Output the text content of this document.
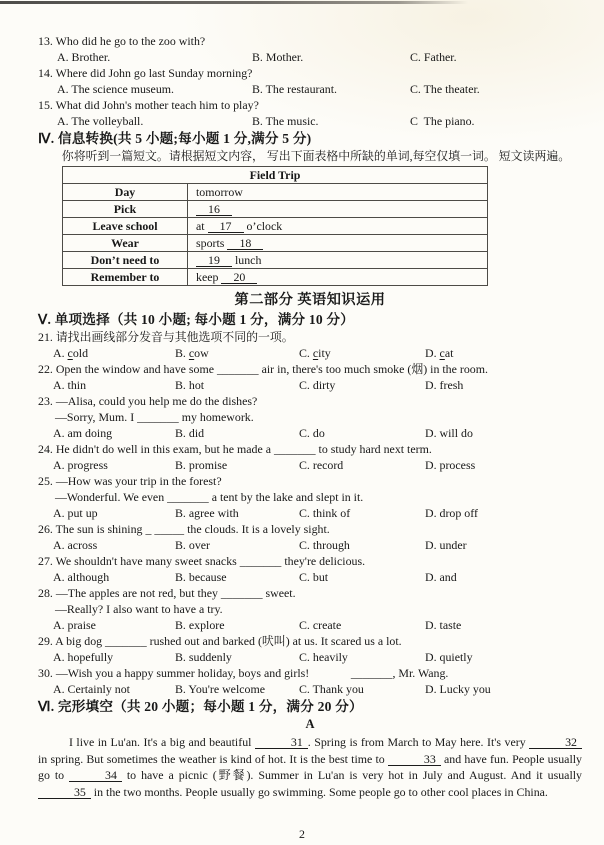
13. Who did he go to the zoo with?
A. Brother.	B. Mother.	C. Father.
14. Where did John go last Sunday morning?
A. The science museum.	B. The restaurant.	C. The theater.
15. What did John's mother teach him to play?
A. The volleyball.	B. The music.	C  The piano.
Ⅳ. 信息转换(共 5 小题;每小题 1 分,满分 5 分)
你将听到一篇短文。请根据短文内容， 写出下面表格中所缺的单词,每空仅填一词。 短文读两遍。
Field Trip	
Day	tomorrow
Pick	16
Leave school	at 17 o’clock
Wear	sports 18
Don’t need to	19 lunch
Remember to	keep 20
第二部分 英语知识运用
Ⅴ. 单项选择（共 10 小题; 每小题 1 分，满分 10 分）
21. 请找出画线部分发音与其他选项不同的一项。
A. cold	B. cow	C. city	D. cat
22. Open the window and have some _______ air in, there's too much smoke (烟) in the room.
A. thin	B. hot	C. dirty	D. fresh
23. —Alisa, could you help me do the dishes?
—Sorry, Mum. I _______ my homework.
A. am doing	B. did	C. do	D. will do
24. He didn't do well in this exam, but he made a _______ to study hard next term.
A. progress	B. promise	C. record	D. process
25. —How was your trip in the forest?
—Wonderful. We even _______ a tent by the lake and slept in it.
A. put up	B. agree with	C. think of	D. drop off
26. The sun is shining _ _____ the clouds. It is a lovely sight.
A. across	B. over	C. through	D. under
27. We shouldn't have many sweet snacks _______ they're delicious.
A. although	B. because	C. but	D. and
28. —The apples are not red, but they _______ sweet.
—Really? I also want to have a try.
A. praise	B. explore	C. create	D. taste
29. A big dog _______ rushed out and barked (吠叫) at us. It scared us a lot.
A. hopefully	B. suddenly	C. heavily	D. quietly
30. —Wish you a happy summer holiday, boys and girls!              _______, Mr. Wang.
A. Certainly not	B. You're welcome	C. Thank you	D. Lucky you
Ⅵ. 完形填空（共 20 小题；每小题 1 分，满分 20 分）
A
I live in Lu'an. It's a big and beautiful	31 . Spring is from March to May here. It's very	32 in spring. But sometimes the weather is kind of hot. It is the best time to	33 and have fun. People usually go to	34 to have a picnic (野餐). Summer in Lu'an is very hot in July and August. And it usually 35 in the two months. People usually go swimming. Some people go to other cool places in China.
2
